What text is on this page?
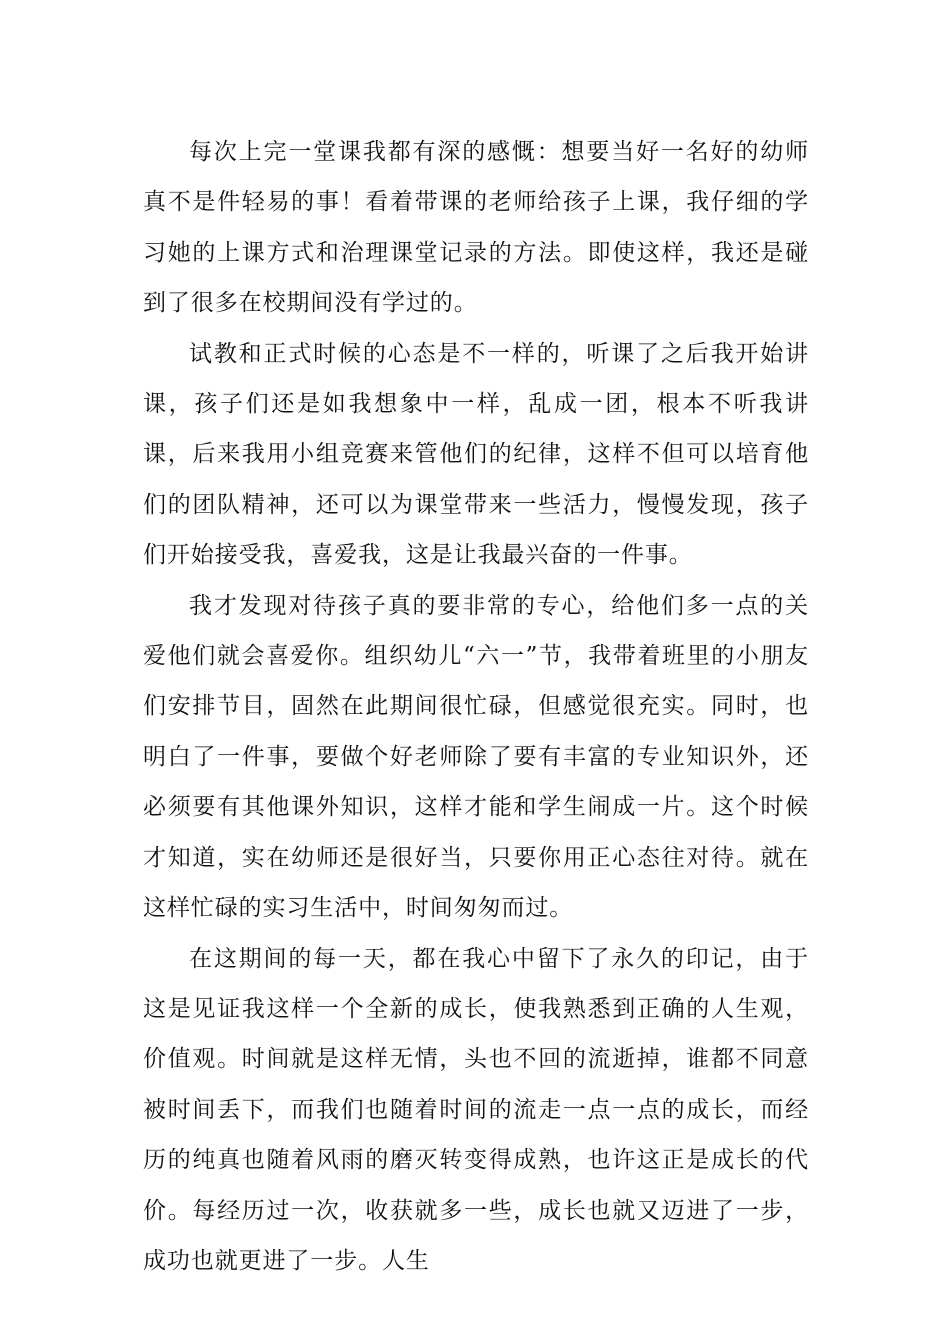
每次上完一堂课我都有深的感慨：想要当好一名好的幼师真不是件轻易的事！看着带课的老师给孩子上课，我仔细的学习她的上课方式和治理课堂记录的方法。即使这样，我还是碰到了很多在校期间没有学过的。

试教和正式时候的心态是不一样的，听课了之后我开始讲课，孩子们还是如我想象中一样，乱成一团，根本不听我讲课，后来我用小组竞赛来管他们的纪律，这样不但可以培育他们的团队精神，还可以为课堂带来一些活力，慢慢发现，孩子们开始接受我，喜爱我，这是让我最兴奋的一件事。

我才发现对待孩子真的要非常的专心，给他们多一点的关爱他们就会喜爱你。组织幼儿“六一”节，我带着班里的小朋友们安排节目，固然在此期间很忙碌，但感觉很充实。同时，也明白了一件事，要做个好老师除了要有丰富的专业知识外，还必须要有其他课外知识，这样才能和学生闹成一片。这个时候才知道，实在幼师还是很好当，只要你用正心态往对待。就在这样忙碌的实习生活中，时间匆匆而过。

在这期间的每一天，都在我心中留下了永久的印记，由于这是见证我这样一个全新的成长，使我熟悉到正确的人生观，价值观。时间就是这样无情，头也不回的流逝掉，谁都不同意被时间丢下，而我们也随着时间的流走一点一点的成长，而经历的纯真也随着风雨的磨灭转变得成熟，也许这正是成长的代价。每经历过一次，收获就多一些，成长也就又迈进了一步，成功也就更进了一步。人生
